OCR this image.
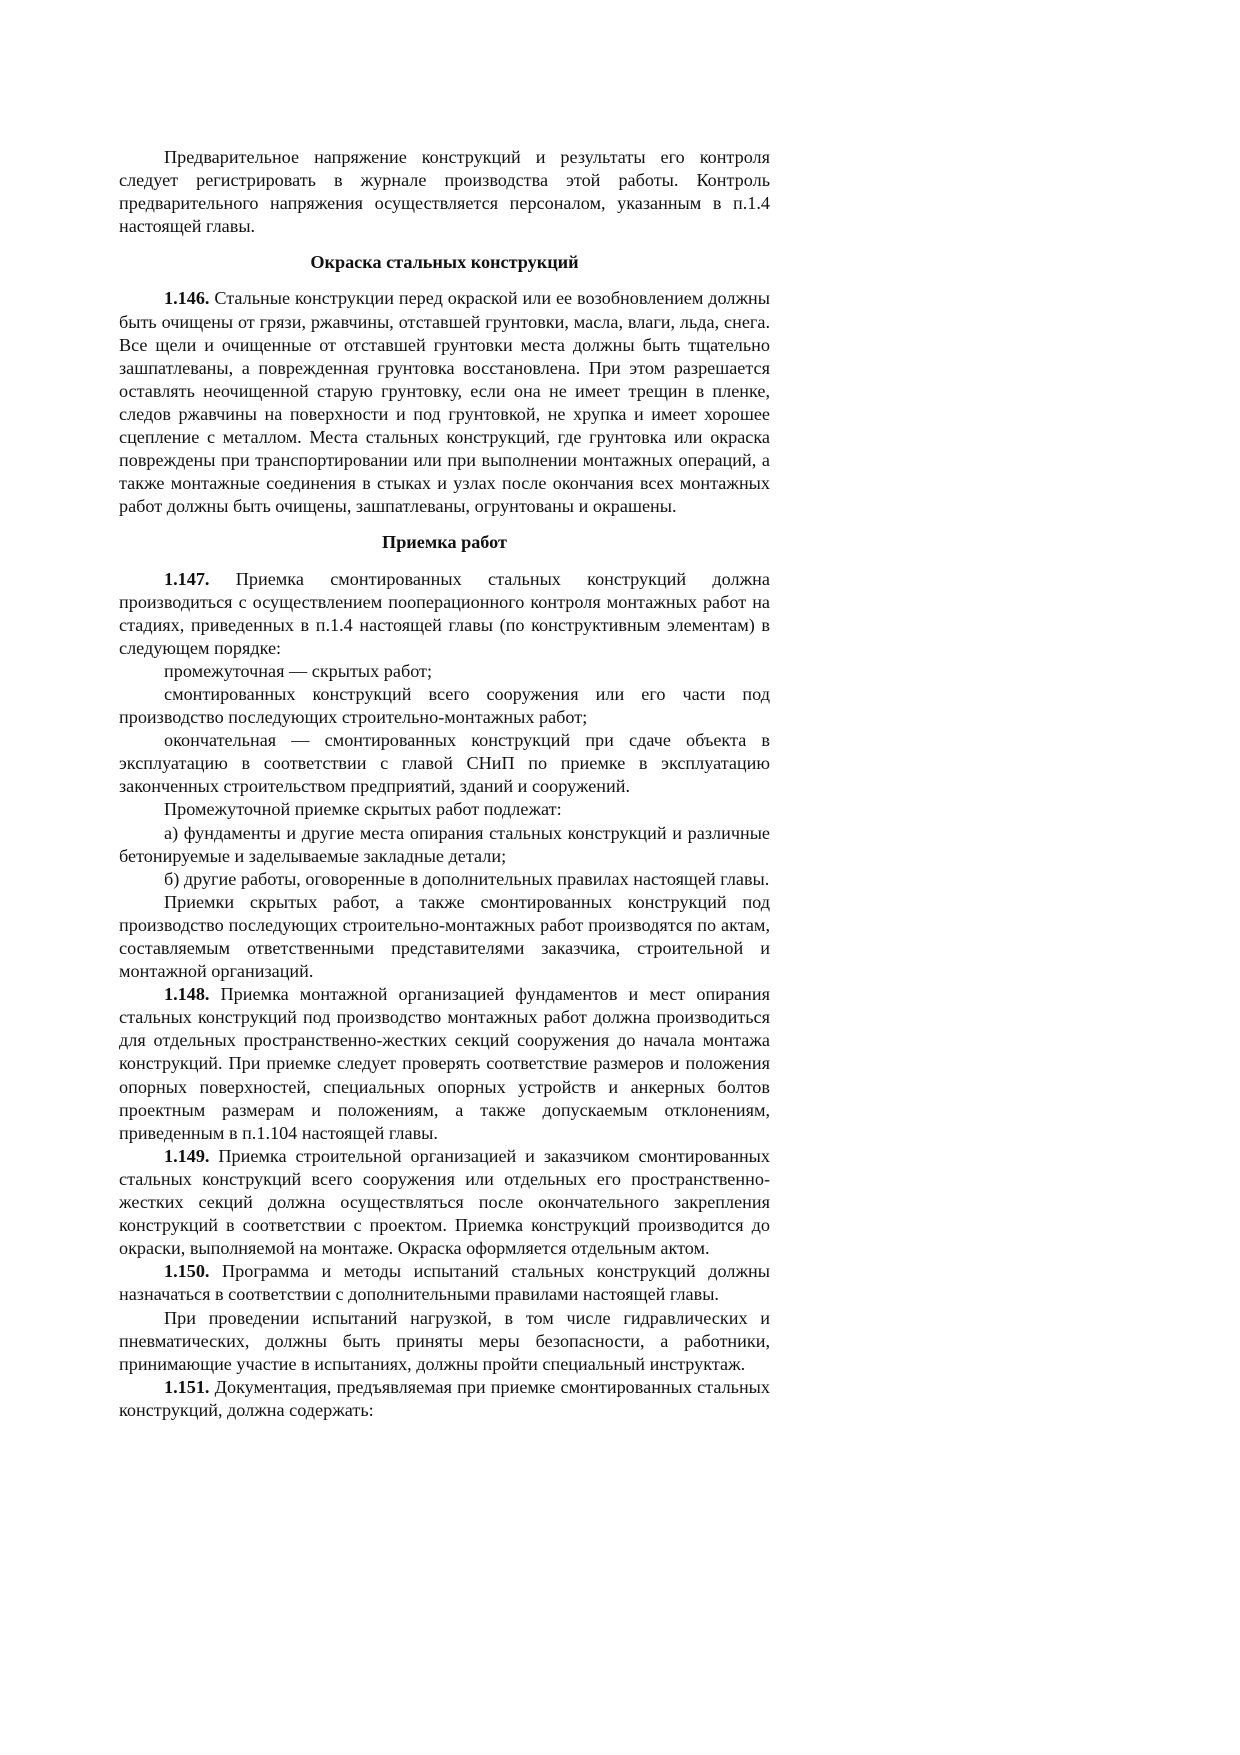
Предварительное напряжение конструкций и результаты его контроля следует регистрировать в журнале производства этой работы. Контроль предварительного напряжения осуществляется персоналом, указанным в п.1.4 настоящей главы.

Окраска стальных конструкций

1.146. Стальные конструкции перед окраской или ее возобновлением должны быть очищены от грязи, ржавчины, отставшей грунтовки, масла, влаги, льда, снега. Все щели и очищенные от отставшей грунтовки места должны быть тщательно зашпатлеваны, а поврежденная грунтовка восстановлена. При этом разрешается оставлять неочищенной старую грунтовку, если она не имеет трещин в пленке, следов ржавчины на поверхности и под грунтовкой, не хрупка и имеет хорошее сцепление с металлом. Места стальных конструкций, где грунтовка или окраска повреждены при транспортировании или при выполнении монтажных операций, а также монтажные соединения в стыках и узлах после окончания всех монтажных работ должны быть очищены, зашпатлеваны, огрунтованы и окрашены.

Приемка работ

1.147. Приемка смонтированных стальных конструкций должна производиться с осуществлением пооперационного контроля монтажных работ на стадиях, приведенных в п.1.4 настоящей главы (по конструктивным элементам) в следующем порядке:

промежуточная — скрытых работ;

смонтированных конструкций всего сооружения или его части под производство последующих строительно-монтажных работ;

окончательная — смонтированных конструкций при сдаче объекта в эксплуатацию в соответствии с главой СНиП по приемке в эксплуатацию законченных строительством предприятий, зданий и сооружений.

Промежуточной приемке скрытых работ подлежат:

а) фундаменты и другие места опирания стальных конструкций и различные бетонируемые и заделываемые закладные детали;

б) другие работы, оговоренные в дополнительных правилах настоящей главы.

Приемки скрытых работ, а также смонтированных конструкций под производство последующих строительно-монтажных работ производятся по актам, составляемым ответственными представителями заказчика, строительной и монтажной организаций.

1.148. Приемка монтажной организацией фундаментов и мест опирания стальных конструкций под производство монтажных работ должна производиться для отдельных пространственно-жестких секций сооружения до начала монтажа конструкций. При приемке следует проверять соответствие размеров и положения опорных поверхностей, специальных опорных устройств и анкерных болтов проектным размерам и положениям, а также допускаемым отклонениям, приведенным в п.1.104 настоящей главы.

1.149. Приемка строительной организацией и заказчиком смонтированных стальных конструкций всего сооружения или отдельных его пространственно-жестких секций должна осуществляться после окончательного закрепления конструкций в соответствии с проектом. Приемка конструкций производится до окраски, выполняемой на монтаже. Окраска оформляется отдельным актом.

1.150. Программа и методы испытаний стальных конструкций должны назначаться в соответствии с дополнительными правилами настоящей главы.

При проведении испытаний нагрузкой, в том числе гидравлических и пневматических, должны быть приняты меры безопасности, а работники, принимающие участие в испытаниях, должны пройти специальный инструктаж.

1.151. Документация, предъявляемая при приемке смонтированных стальных конструкций, должна содержать:
